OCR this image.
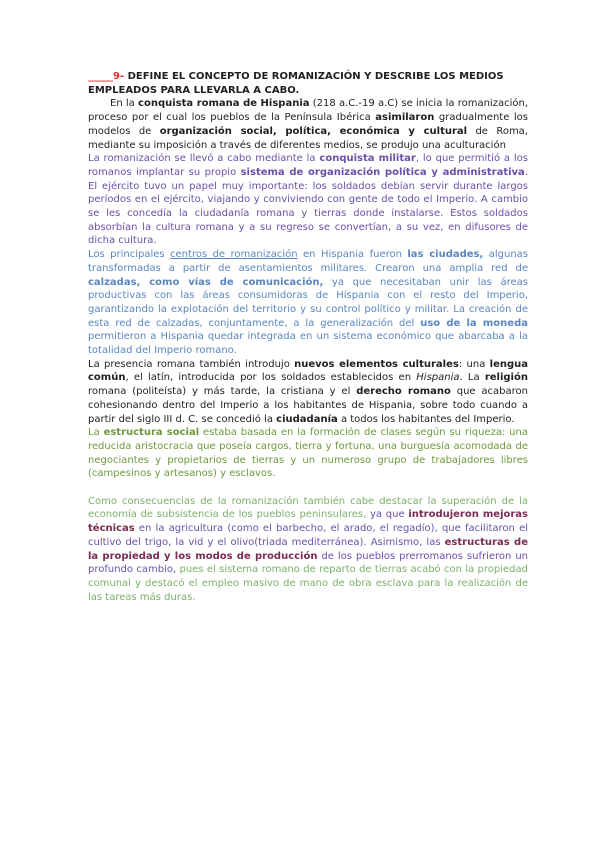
_____9- DEFINE EL CONCEPTO DE ROMANIZACIÓN Y DESCRIBE LOS MEDIOS EMPLEADOS PARA LLEVARLA A CABO.

En la conquista romana de Hispania (218 a.C.-19 a.C) se inicia la romanización, proceso por el cual los pueblos de la Península Ibérica asimilaron gradualmente los modelos de organización social, política, económica y cultural de Roma, mediante su imposición a través de diferentes medios, se produjo una aculturación

La romanización se llevó a cabo mediante la conquista militar, lo que permitió a los romanos implantar su propio sistema de organización política y administrativa. El ejército tuvo un papel muy importante: los soldados debían servir durante largos períodos en el ejército, viajando y conviviendo con gente de todo el Imperio. A cambio se les concedía la ciudadanía romana y tierras donde instalarse. Estos soldados absorbían la cultura romana y a su regreso se convertían, a su vez, en difusores de dicha cultura.

Los principales centros de romanización en Hispania fueron las ciudades, algunas transformadas a partir de asentamientos militares. Crearon una amplia red de calzadas, como vías de comunicación, ya que necesitaban unir las áreas productivas con las áreas consumidoras de Hispania con el resto del Imperio, garantizando la explotación del territorio y su control político y militar. La creación de esta red de calzadas, conjuntamente, a la generalización del uso de la moneda permitieron a Hispania quedar integrada en un sistema económico que abarcaba a la totalidad del Imperio romano.

La presencia romana también introdujo nuevos elementos culturales: una lengua común, el latín, introducida por los soldados establecidos en Hispania. La religión romana (politeísta) y más tarde, la cristiana y el derecho romano que acabaron cohesionando dentro del Imperio a los habitantes de Hispania, sobre todo cuando a partir del siglo III d. C. se concedió la ciudadanía a todos los habitantes del Imperio.

La estructura social estaba basada en la formación de clases según su riqueza: una reducida aristocracia que poseía cargos, tierra y fortuna, una burguesía acomodada de negociantes y propietarios de tierras y un numeroso grupo de trabajadores libres (campesinos y artesanos) y esclavos.

Como consecuencias de la romanización también cabe destacar la superación de la economía de subsistencia de los pueblos peninsulares, ya que introdujeron mejoras técnicas en la agricultura (como el barbecho, el arado, el regadío), que facilitaron el cultivo del trigo, la vid y el olivo(triada mediterránea). Asimismo, las estructuras de la propiedad y los modos de producción de los pueblos prerromanos sufrieron un profundo cambio, pues el sistema romano de reparto de tierras acabó con la propiedad comunal y destacó el empleo masivo de mano de obra esclava para la realización de las tareas más duras.
